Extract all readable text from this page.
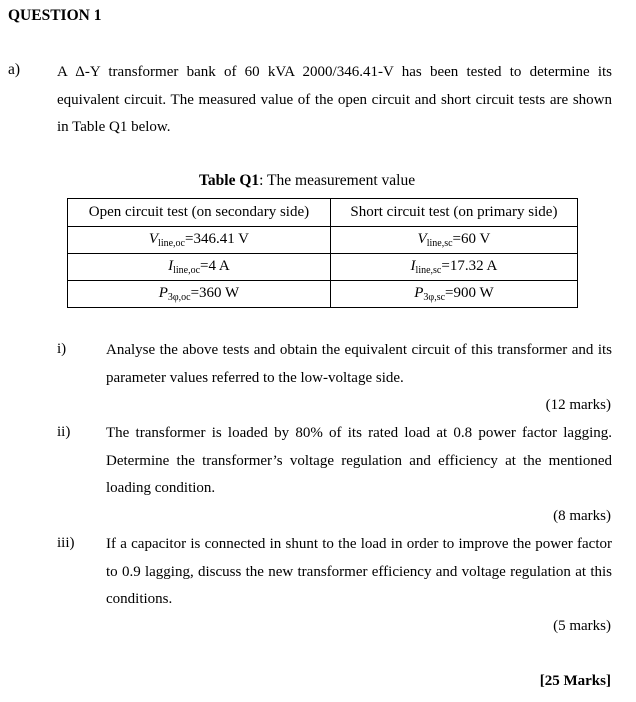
QUESTION 1
a) A Δ-Y transformer bank of 60 kVA 2000/346.41-V has been tested to determine its equivalent circuit. The measured value of the open circuit and short circuit tests are shown in Table Q1 below.

Table Q1: The measurement value
Open circuit test (on secondary side)	Short circuit test (on primary side)
$V_{line,oc}=346.41$ V	$V_{line,sc}=60$ V
$I_{line,oc}=4$ A	$I_{line,sc}=17.32$ A
$P_{3\varphi,oc}=360$ W	$P_{3\varphi,sc}=900$ W
i)	Analyse the above tests and obtain the equivalent circuit of this transformer and its parameter values referred to the low-voltage side.
(12 marks)
ii) The transformer is loaded by 80% of its rated load at 0.8 power factor lagging. Determine the transformer’s voltage regulation and efficiency at the mentioned loading condition.
(8 marks)
iii) If a capacitor is connected in shunt to the load in order to improve the power factor to 0.9 lagging, discuss the new transformer efficiency and voltage regulation at this conditions.
(5 marks)
[25 Marks]
